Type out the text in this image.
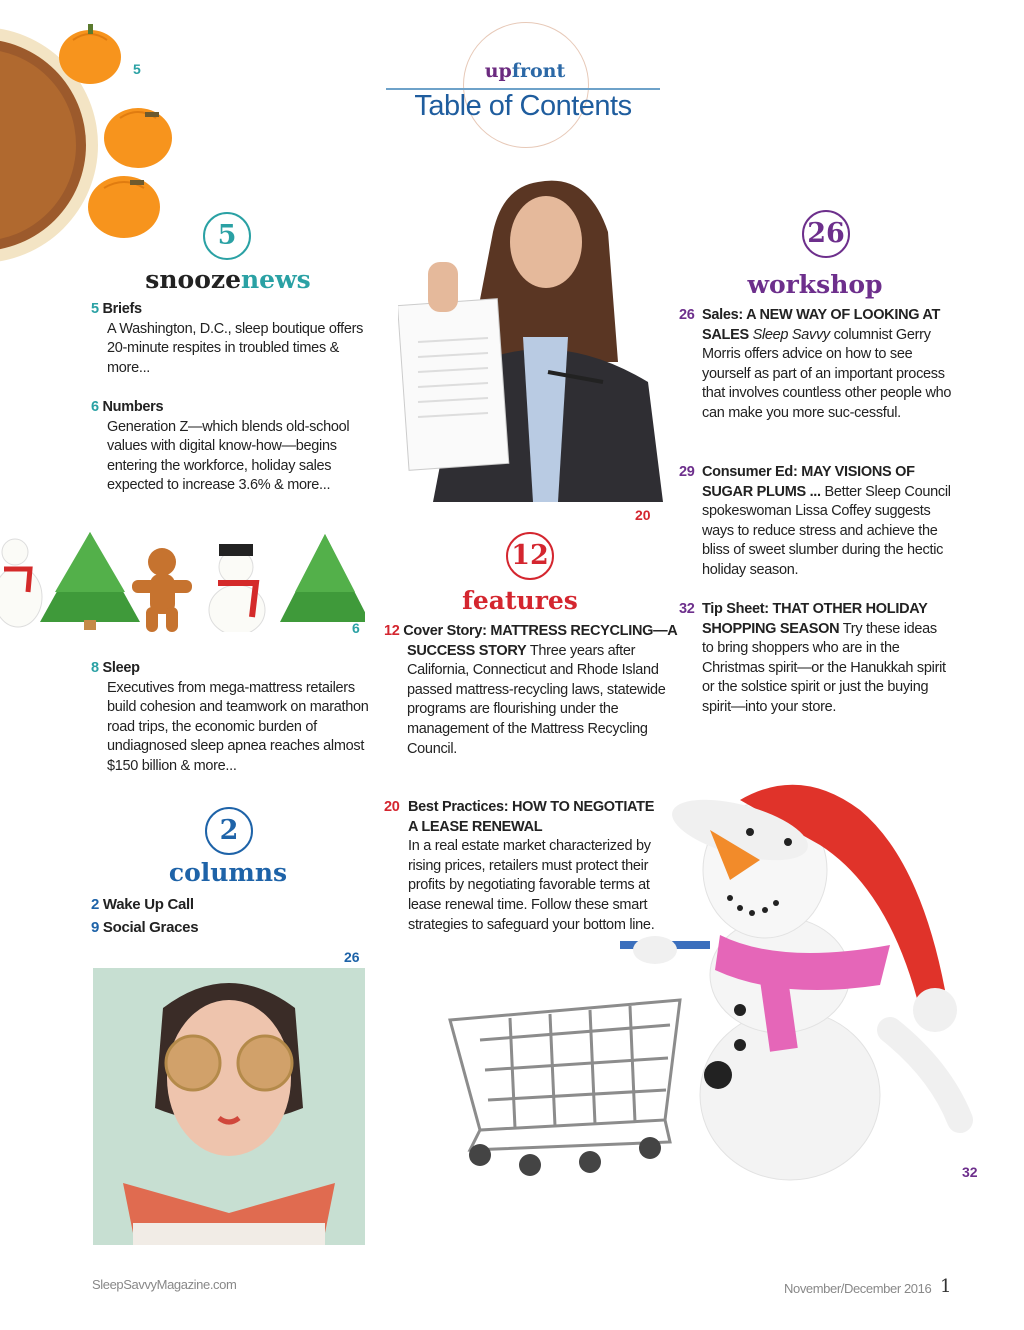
upfront
Table of Contents
5
5
snoozenews
5 Briefs
A Washington, D.C., sleep boutique offers 20-minute respites in troubled times & more...
6 Numbers
Generation Z—which blends old-school values with digital know-how—begins entering the workforce, holiday sales expected to increase 3.6% & more...
6
8 Sleep
Executives from mega-mattress retailers build cohesion and teamwork on marathon road trips, the economic burden of undiagnosed sleep apnea reaches almost $150 billion & more...
2
columns
2 Wake Up Call
9 Social Graces
26
20
12
features
12 Cover Story: MATTRESS RECYCLING—A SUCCESS STORY Three years after California, Connecticut and Rhode Island passed mattress-recycling laws, statewide programs are flourishing under the management of the Mattress Recycling Council.
20 Best Practices: HOW TO NEGOTIATE A LEASE RENEWAL
In a real estate market characterized by rising prices, retailers must protect their profits by negotiating favorable terms at lease renewal time. Follow these smart strategies to safeguard your bottom line.
26
workshop
26 Sales: A NEW WAY OF LOOKING AT SALES Sleep Savvy columnist Gerry Morris offers advice on how to see yourself as part of an important process that involves countless other people who can make you more suc-cessful.
29 Consumer Ed: MAY VISIONS OF SUGAR PLUMS ... Better Sleep Council spokeswoman Lissa Coffey suggests ways to reduce stress and achieve the bliss of sweet slumber during the hectic holiday season.
32 Tip Sheet: THAT OTHER HOLIDAY SHOPPING SEASON Try these ideas to bring shoppers who are in the Christmas spirit—or the Hanukkah spirit or the solstice spirit or just the buying spirit—into your store.
32
SleepSavvyMagazine.com	November/December 2016 1
